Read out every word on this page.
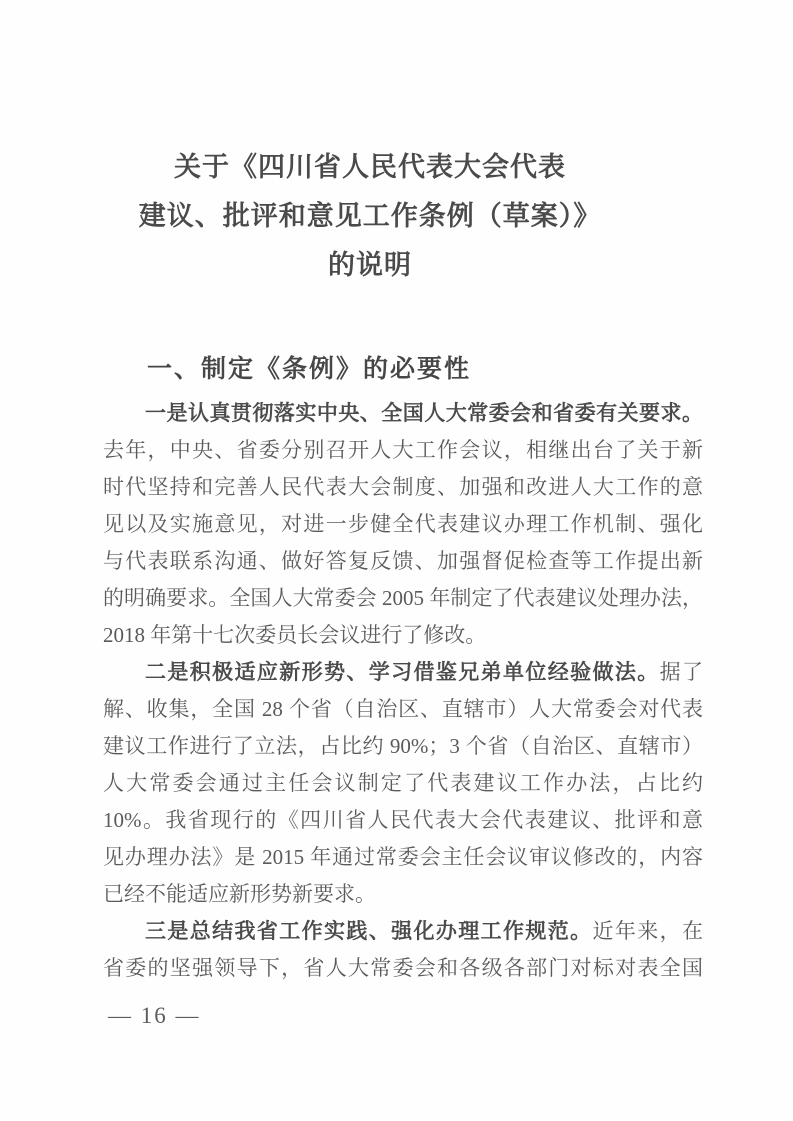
关于《四川省人民代表大会代表
建议、批评和意见工作条例（草案）》
的说明
一、制定《条例》的必要性
一是认真贯彻落实中央、全国人大常委会和省委有关要求。
去年，中央、省委分别召开人大工作会议，相继出台了关于新
时代坚持和完善人民代表大会制度、加强和改进人大工作的意
见以及实施意见，对进一步健全代表建议办理工作机制、强化
与代表联系沟通、做好答复反馈、加强督促检查等工作提出新
的明确要求。全国人大常委会 2005 年制定了代表建议处理办法，
2018 年第十七次委员长会议进行了修改。
二是积极适应新形势、学习借鉴兄弟单位经验做法。据了
解、收集，全国 28 个省（自治区、直辖市）人大常委会对代表
建议工作进行了立法，占比约 90%；3 个省（自治区、直辖市）
人大常委会通过主任会议制定了代表建议工作办法，占比约
10%。我省现行的《四川省人民代表大会代表建议、批评和意
见办理办法》是 2015 年通过常委会主任会议审议修改的，内容
已经不能适应新形势新要求。
三是总结我省工作实践、强化办理工作规范。近年来，在
省委的坚强领导下，省人大常委会和各级各部门对标对表全国
— 16 —
